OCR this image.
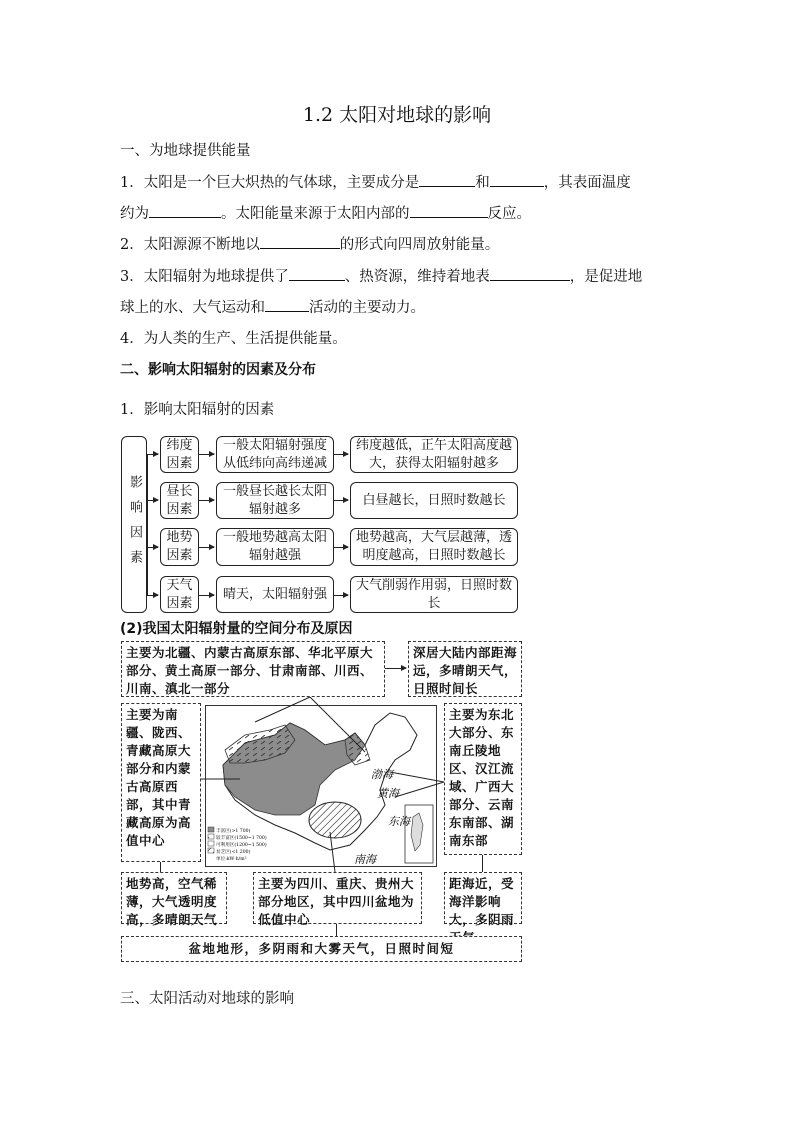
1.2 太阳对地球的影响
一、为地球提供能量
1．太阳是一个巨大炽热的气体球，主要成分是	和	，其表面温度
约为	。太阳能量来源于太阳内部的	反应。
2．太阳源源不断地以	的形式向四周放射能量。
3．太阳辐射为地球提供了	、热资源，维持着地表	，是促进地
球上的水、大气运动和	活动的主要动力。
4．为人类的生产、生活提供能量。
二、影响太阳辐射的因素及分布
1．影响太阳辐射的因素
影响因素
纬度因素
一般太阳辐射强度从低纬向高纬递减
纬度越低，正午太阳高度越大，获得太阳辐射越多
昼长因素
一般昼长越长太阳辐射越多
白昼越长，日照时数越长
地势因素
一般地势越高太阳辐射越强
地势越高，大气层越薄，透明度越高，日照时数越长
天气因素
晴天，太阳辐射强
大气削弱作用弱，日照时数长
(2)我国太阳辐射量的空间分布及原因
主要为北疆、内蒙古高原东部、华北平原大部分、黄土高原一部分、甘肃南部、川西、川南、滇北一部分
深居大陆内部距海远，多晴朗天气，日照时间长
主要为南疆、陇西、青藏高原大部分和内蒙古高原西部，其中青藏高原为高值中心
主要为东北大部分、东南丘陵地区、汉江流域、广西大部分、云南东南部、湖南东部
渤海
黄海
东海
南海
丰富区(>1 700)
较丰富区(1500~1 700)
可利用区(1200~1 500)
贫乏区(<1 200)
单位:kW·h/m²
地势高，空气稀薄，大气透明度高，多晴朗天气
主要为四川、重庆、贵州大部分地区，其中四川盆地为低值中心
距海近，受海洋影响大，多阴雨
盆地地形，多阴雨和大雾天气，日照时间短
三、太阳活动对地球的影响
